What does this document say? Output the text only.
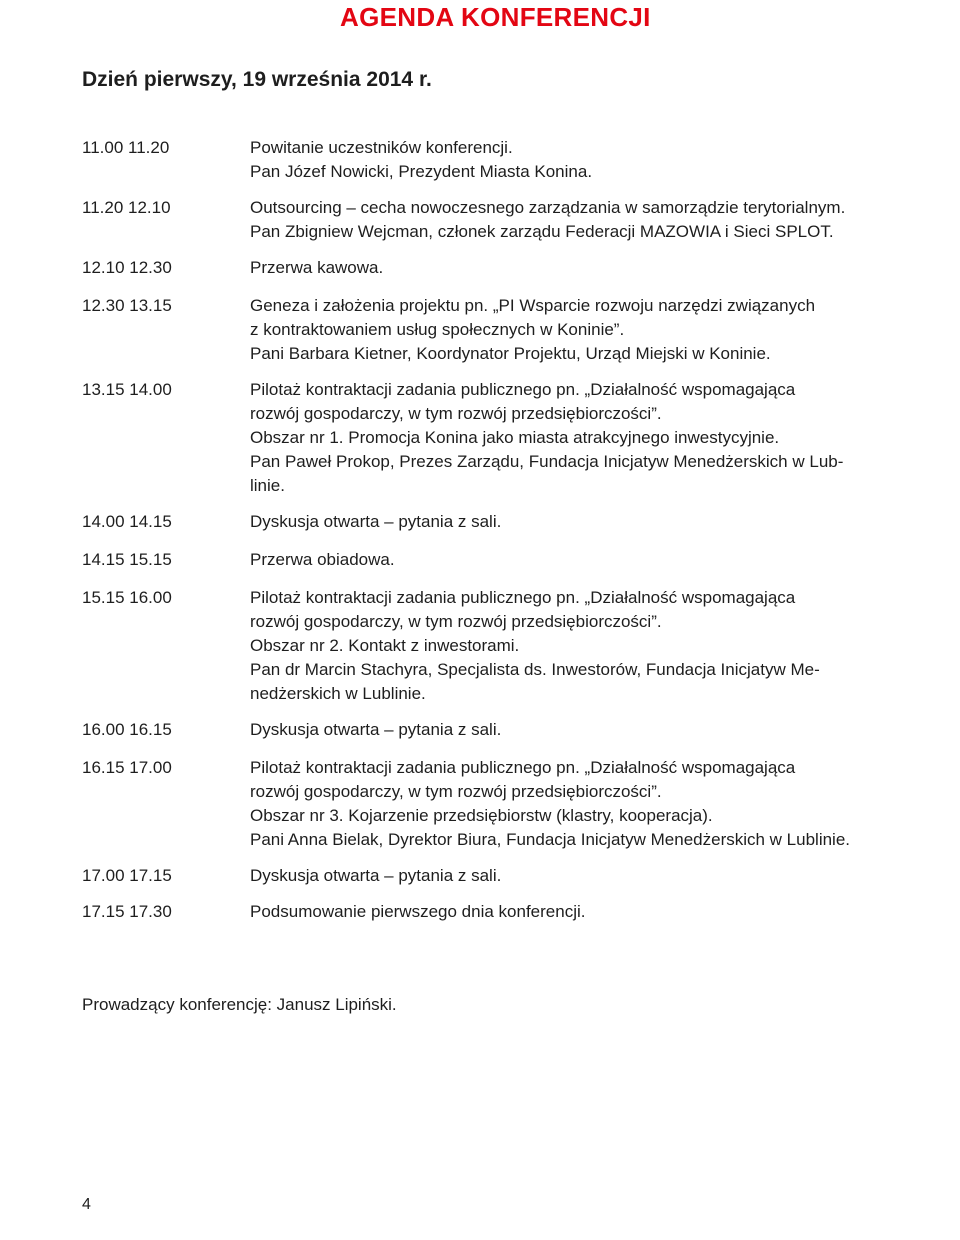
AGENDA KONFERENCJI
Dzień pierwszy, 19 września 2014 r.
11.00 11.20	Powitanie uczestników konferencji.
Pan Józef Nowicki, Prezydent Miasta Konina.
11.20 12.10	Outsourcing – cecha nowoczesnego zarządzania w samorządzie terytorialnym.
Pan Zbigniew Wejcman, członek zarządu Federacji MAZOWIA i Sieci SPLOT.
12.10 12.30	Przerwa kawowa.
12.30 13.15	Geneza i założenia projektu pn. „PI Wsparcie rozwoju narzędzi związanych
z kontraktowaniem usług społecznych w Koninie”.
Pani Barbara Kietner, Koordynator Projektu, Urząd Miejski w Koninie.
13.15 14.00	Pilotaż kontraktacji zadania publicznego pn. „Działalność wspomagająca
rozwój gospodarczy, w tym rozwój przedsiębiorczości”.
Obszar nr 1. Promocja Konina jako miasta atrakcyjnego inwestycyjnie.
Pan Paweł Prokop, Prezes Zarządu, Fundacja Inicjatyw Menedżerskich w Lub-
linie.
14.00 14.15	Dyskusja otwarta – pytania z sali.
14.15 15.15	Przerwa obiadowa.
15.15 16.00	Pilotaż kontraktacji zadania publicznego pn. „Działalność wspomagająca
rozwój gospodarczy, w tym rozwój przedsiębiorczości”.
Obszar nr 2. Kontakt z inwestorami.
Pan dr Marcin Stachyra, Specjalista ds. Inwestorów, Fundacja Inicjatyw Me-
nedżerskich w Lublinie.
16.00 16.15	Dyskusja otwarta – pytania z sali.
16.15 17.00	Pilotaż kontraktacji zadania publicznego pn. „Działalność wspomagająca
rozwój gospodarczy, w tym rozwój przedsiębiorczości”.
Obszar nr 3. Kojarzenie przedsiębiorstw (klastry, kooperacja).
Pani Anna Bielak, Dyrektor Biura, Fundacja Inicjatyw Menedżerskich w Lublinie.
17.00 17.15	Dyskusja otwarta – pytania z sali.
17.15 17.30	Podsumowanie pierwszego dnia konferencji.
Prowadzący konferencję: Janusz Lipiński.
4
